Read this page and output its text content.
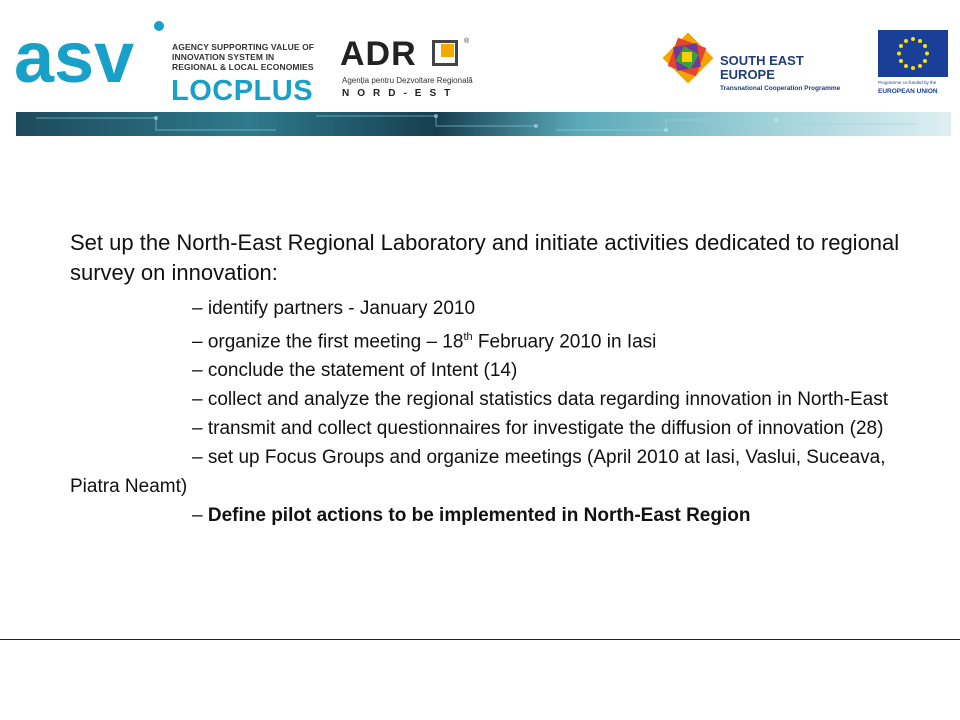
asv	AGENCY SUPPORTING VALUE OF INNOVATION SYSTEM IN REGIONAL & LOCAL ECONOMIES
LOCPLUS
ADR	®
Agenția pentru Dezvoltare Regională
NORD-EST
SOUTH EAST EUROPE
Transnational Cooperation Programme
Programme co-funded by the
EUROPEAN UNION

Set up the North-East Regional Laboratory and initiate activities dedicated to regional survey on innovation:

– identify partners - January 2010
– organize the first meeting – 18th February 2010 in Iasi
– conclude the statement of Intent (14)
– collect and analyze the regional statistics data regarding innovation in North-East
– transmit and collect questionnaires for investigate the diffusion of innovation (28)
– set up Focus Groups and organize meetings (April 2010 at Iasi, Vaslui, Suceava, Piatra Neamt)
– Define pilot actions to be implemented in North-East Region
